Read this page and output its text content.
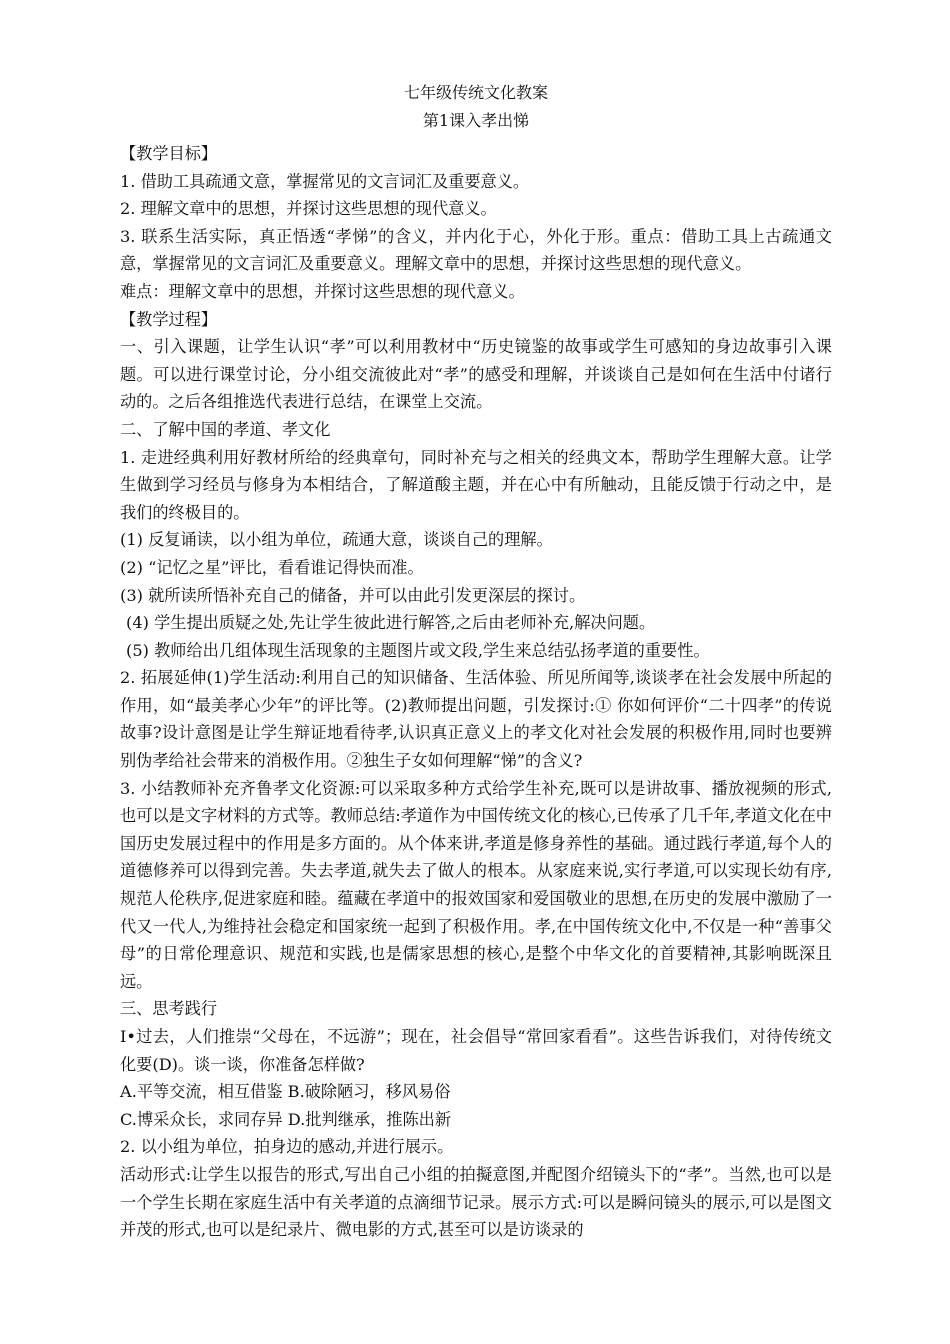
七年级传统文化教案

第1课入孝出悌

【教学目标】

1. 借助工具疏通文意，掌握常见的文言词汇及重要意义。

2. 理解文章中的思想，并探讨这些思想的现代意义。

3. 联系生活实际，真正悟透“孝悌”的含义，并内化于心，外化于形。重点：借助工具上古疏通文意，掌握常见的文言词汇及重要意义。理解文章中的思想，并探讨这些思想的现代意义。

难点：理解文章中的思想，并探讨这些思想的现代意义。

【教学过程】

一、引入课题，让学生认识“孝”可以利用教材中“历史镜鉴的故事或学生可感知的身边故事引入课题。可以进行课堂讨论，分小组交流彼此对“孝”的感受和理解，并谈谈自己是如何在生活中付诸行动的。之后各组推选代表进行总结，在课堂上交流。

二、了解中国的孝道、孝文化

1. 走进经典利用好教材所给的经典章句，同时补充与之相关的经典文本，帮助学生理解大意。让学生做到学习经员与修身为本相结合，了解道酸主题，并在心中有所触动，且能反馈于行动之中，是我们的终极目的。

(1) 反复诵读，以小组为单位，疏通大意，谈谈自己的理解。

(2) “记忆之星”评比，看看谁记得快而准。

(3) 就所读所悟补充自己的储备，并可以由此引发更深层的探讨。

(4) 学生提出质疑之处,先让学生彼此进行解答,之后由老师补充,解决问题。

(5) 教师给出几组体现生活现象的主题图片或文段,学生来总结弘扬孝道的重要性。

2. 拓展延伸(1)学生活动:利用自己的知识储备、生活体验、所见所闻等,谈谈孝在社会发展中所起的作用，如“最美孝心少年”的评比等。(2)教师提出问题，引发探讨:① 你如何评价“二十四孝”的传说故事?设计意图是让学生辩证地看待孝,认识真正意义上的孝文化对社会发展的积极作用,同时也要辨别伪孝给社会带来的消极作用。②独生子女如何理解“悌”的含义?

3. 小结教师补充齐鲁孝文化资源:可以采取多种方式给学生补充,既可以是讲故事、播放视频的形式,也可以是文字材料的方式等。教师总结:孝道作为中国传统文化的核心,已传承了几千年,孝道文化在中国历史发展过程中的作用是多方面的。从个体来讲,孝道是修身养性的基础。通过践行孝道,每个人的道德修养可以得到完善。失去孝道,就失去了做人的根本。从家庭来说,实行孝道,可以实现长幼有序,规范人伦秩序,促进家庭和睦。蕴藏在孝道中的报效国家和爱国敬业的思想,在历史的发展中激励了一代又一代人,为维持社会稳定和国家统一起到了积极作用。孝,在中国传统文化中,不仅是一种“善事父母”的日常伦理意识、规范和实践,也是儒家思想的核心,是整个中华文化的首要精神,其影响既深且远。

三、思考践行

I•过去，人们推崇“父母在，不远游”；现在，社会倡导“常回家看看”。这些告诉我们，对待传统文化要(D)。谈一谈，你准备怎样做?

A.平等交流，相互借鉴 B.破除陋习，移风易俗

C.博采众长，求同存异 D.批判继承，推陈出新

2. 以小组为单位，拍身边的感动,并进行展示。

活动形式:让学生以报告的形式,写出自己小组的拍擬意图,并配图介绍镜头下的“孝”。当然,也可以是一个学生长期在家庭生活中有关孝道的点滴细节记录。展示方式:可以是瞬问镜头的展示,可以是图文并茂的形式,也可以是纪录片、微电影的方式,甚至可以是访谈录的
